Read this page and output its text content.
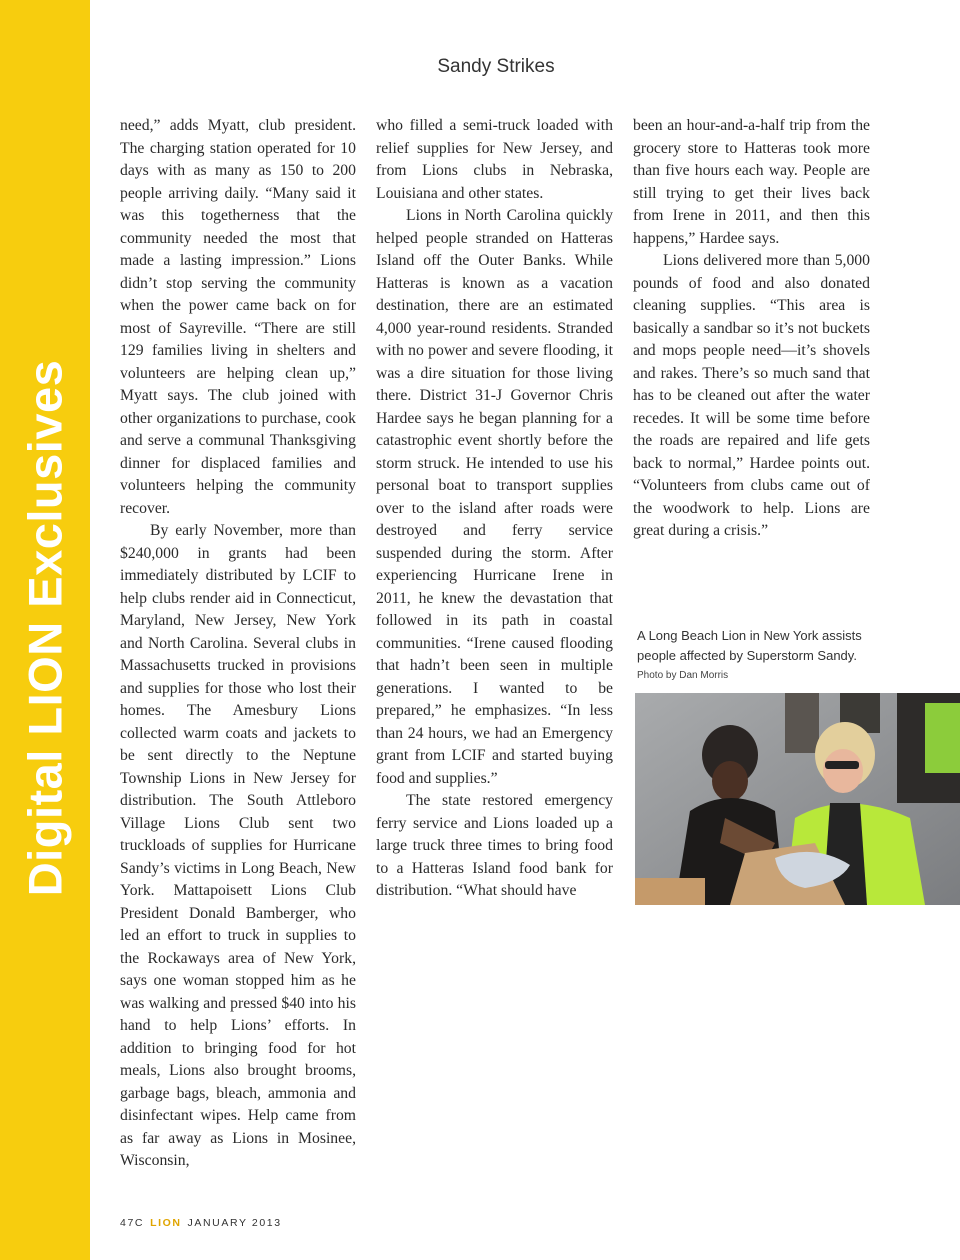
Digital LION Exclusives
Sandy Strikes

need,” adds Myatt, club president. The charging station operated for 10 days with as many as 150 to 200 people arriving daily. “Many said it was this togetherness that the community needed the most that made a lasting impression.” Lions didn’t stop serving the community when the power came back on for most of Sayreville. “There are still 129 families living in shelters and volunteers are helping clean up,” Myatt says. The club joined with other organizations to purchase, cook and serve a communal Thanksgiving dinner for displaced families and volunteers helping the community recover.

By early November, more than $240,000 in grants had been immediately distributed by LCIF to help clubs render aid in Connecticut, Maryland, New Jersey, New York and North Carolina. Several clubs in Massachusetts trucked in provisions and supplies for those who lost their homes. The Amesbury Lions collected warm coats and jackets to be sent directly to the Neptune Township Lions in New Jersey for distribution. The South Attleboro Village Lions Club sent two truckloads of supplies for Hurricane Sandy’s victims in Long Beach, New York. Mattapoisett Lions Club President Donald Bamberger, who led an effort to truck in supplies to the Rockaways area of New York, says one woman stopped him as he was walking and pressed $40 into his hand to help Lions’ efforts. In addition to bringing food for hot meals, Lions also brought brooms, garbage bags, bleach, ammonia and disinfectant wipes. Help came from as far away as Lions in Mosinee, Wisconsin,

who filled a semi-truck loaded with relief supplies for New Jersey, and from Lions clubs in Nebraska, Louisiana and other states.

Lions in North Carolina quickly helped people stranded on Hatteras Island off the Outer Banks. While Hatteras is known as a vacation destination, there are an estimated 4,000 year-round residents. Stranded with no power and severe flooding, it was a dire situation for those living there. District 31-J Governor Chris Hardee says he began planning for a catastrophic event shortly before the storm struck. He intended to use his personal boat to transport supplies over to the island after roads were destroyed and ferry service suspended during the storm. After experiencing Hurricane Irene in 2011, he knew the devastation that followed in its path in coastal communities. “Irene caused flooding that hadn’t been seen in multiple generations. I wanted to be prepared,” he emphasizes. “In less than 24 hours, we had an Emergency grant from LCIF and started buying food and supplies.”

The state restored emergency ferry service and Lions loaded up a large truck three times to bring food to a Hatteras Island food bank for distribution. “What should have

been an hour-and-a-half trip from the grocery store to Hatteras took more than five hours each way. People are still trying to get their lives back from Irene in 2011, and then this happens,” Hardee says.

Lions delivered more than 5,000 pounds of food and also donated cleaning supplies. “This area is basically a sandbar so it’s not buckets and mops people need—it’s shovels and rakes. There’s so much sand that has to be cleaned out after the water recedes. It will be some time before the roads are repaired and life gets back to normal,” Hardee points out. “Volunteers from clubs came out of the woodwork to help. Lions are great during a crisis.”

A Long Beach Lion in New York assists people affected by Superstorm Sandy.
Photo by Dan Morris
47C LION JANUARY 2013
